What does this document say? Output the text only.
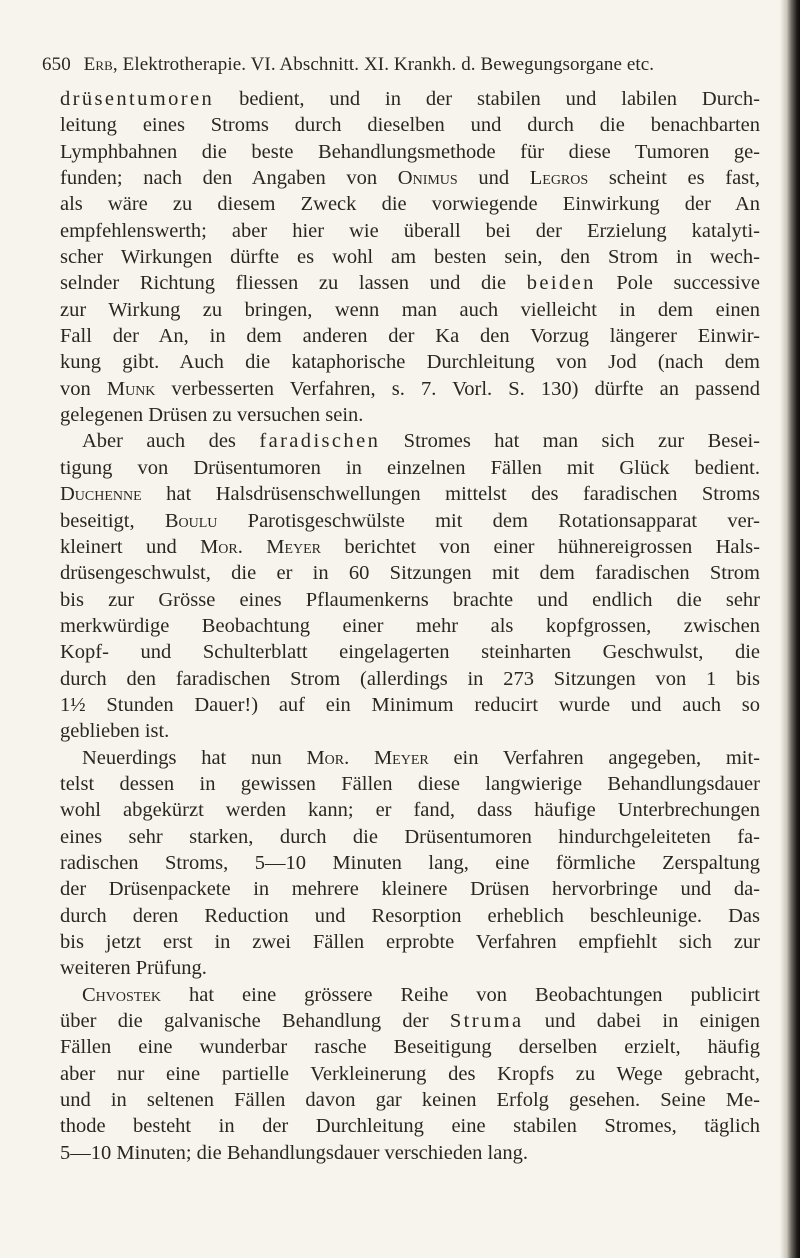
650 Erb, Elektrotherapie. VI. Abschnitt. XI. Krankh. d. Bewegungsorgane etc.
drüsentumoren bedient, und in der stabilen und labilen Durch-
leitung eines Stroms durch dieselben und durch die benachbarten
Lymphbahnen die beste Behandlungsmethode für diese Tumoren ge-
funden; nach den Angaben von Onimus und Legros scheint es fast,
als wäre zu diesem Zweck die vorwiegende Einwirkung der An
empfehlenswerth; aber hier wie überall bei der Erzielung katalyti-
scher Wirkungen dürfte es wohl am besten sein, den Strom in wech-
selnder Richtung fliessen zu lassen und die beiden Pole successive
zur Wirkung zu bringen, wenn man auch vielleicht in dem einen
Fall der An, in dem anderen der Ka den Vorzug längerer Einwir-
kung gibt. Auch die kataphorische Durchleitung von Jod (nach dem
von Munk verbesserten Verfahren, s. 7. Vorl. S. 130) dürfte an passend
gelegenen Drüsen zu versuchen sein.
Aber auch des faradischen Stromes hat man sich zur Besei-
tigung von Drüsentumoren in einzelnen Fällen mit Glück bedient.
Duchenne hat Halsdrüsenschwellungen mittelst des faradischen Stroms
beseitigt, Boulu Parotisgeschwülste mit dem Rotationsapparat ver-
kleinert und Mor. Meyer berichtet von einer hühnereigrossen Hals-
drüsengeschwulst, die er in 60 Sitzungen mit dem faradischen Strom
bis zur Grösse eines Pflaumenkerns brachte und endlich die sehr
merkwürdige Beobachtung einer mehr als kopfgrossen, zwischen
Kopf- und Schulterblatt eingelagerten steinharten Geschwulst, die
durch den faradischen Strom (allerdings in 273 Sitzungen von 1 bis
1½ Stunden Dauer!) auf ein Minimum reducirt wurde und auch so
geblieben ist.
Neuerdings hat nun Mor. Meyer ein Verfahren angegeben, mit-
telst dessen in gewissen Fällen diese langwierige Behandlungsdauer
wohl abgekürzt werden kann; er fand, dass häufige Unterbrechungen
eines sehr starken, durch die Drüsentumoren hindurchgeleiteten fa-
radischen Stroms, 5—10 Minuten lang, eine förmliche Zerspaltung
der Drüsenpackete in mehrere kleinere Drüsen hervorbringe und da-
durch deren Reduction und Resorption erheblich beschleunige. Das
bis jetzt erst in zwei Fällen erprobte Verfahren empfiehlt sich zur
weiteren Prüfung.
Chvostek hat eine grössere Reihe von Beobachtungen publicirt
über die galvanische Behandlung der Struma und dabei in einigen
Fällen eine wunderbar rasche Beseitigung derselben erzielt, häufig
aber nur eine partielle Verkleinerung des Kropfs zu Wege gebracht,
und in seltenen Fällen davon gar keinen Erfolg gesehen. Seine Me-
thode besteht in der Durchleitung eine stabilen Stromes, täglich
5—10 Minuten; die Behandlungsdauer verschieden lang.
